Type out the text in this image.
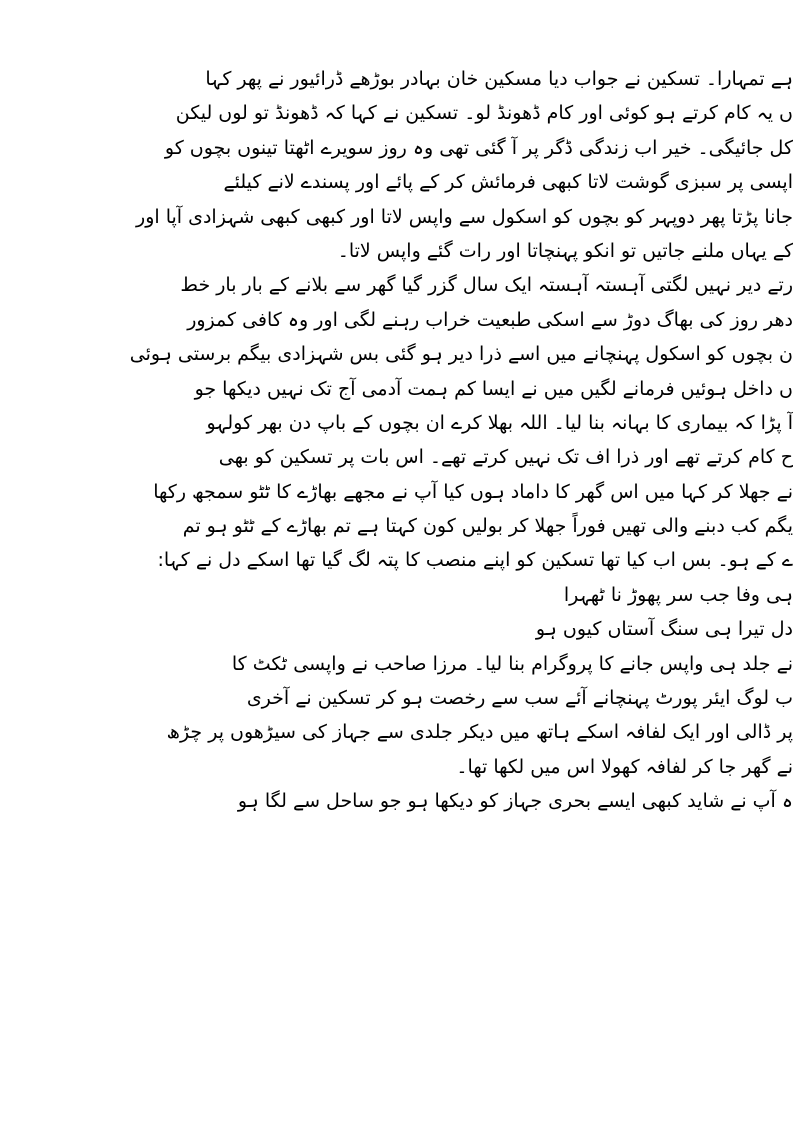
ہے تمہارا۔ تسکین نے جواب دیا مسکین خان بہادر بوڑھے ڈرائیور نے پھر کہا
ں یہ کام کرتے ہو کوئی اور کام ڈھونڈ لو۔ تسکین نے کہا کہ ڈھونڈ تو لوں لیکن
کل جائیگی۔ خیر اب زندگی ڈگر پر آ گئی تھی وہ روز سویرے اٹھتا تینوں بچوں کو
اپسی پر سبزی گوشت لاتا کبھی فرمائش کر کے پائے اور پسندے لانے کیلئے
جانا پڑتا پھر دوپہر کو بچوں کو اسکول سے واپس لاتا اور کبھی کبھی شہزادی آپا اور
کے یہاں ملنے جاتیں تو انکو پہنچاتا اور رات گئے واپس لاتا۔
رتے دیر نہیں لگتی آہستہ آہستہ ایک سال گزر گیا گھر سے بلانے کے بار بار خط
دھر روز کی بھاگ دوڑ سے اسکی طبعیت خراب رہنے لگی اور وہ کافی کمزور
ن بچوں کو اسکول پہنچانے میں اسے ذرا دیر ہو گئی بس شہزادی بیگم برستی ہوئی
ں داخل ہوئیں فرمانے لگیں میں نے ایسا کم ہمت آدمی آج تک نہیں دیکھا جو
آ پڑا کہ بیماری کا بہانہ بنا لیا۔ اللہ بھلا کرے ان بچوں کے باپ دن بھر کولہو
ح کام کرتے تھے اور ذرا اف تک نہیں کرتے تھے۔ اس بات پر تسکین کو بھی
نے جھلا کر کہا میں اس گھر کا داماد ہوں کیا آپ نے مجھے بھاڑے کا ٹٹو سمجھ رکھا
یگم کب دبنے والی تھیں فوراً جھلا کر بولیں کون کہتا ہے تم بھاڑے کے ٹٹو ہو تم
ے کے ہو۔ بس اب کیا تھا تسکین کو اپنے منصب کا پتہ لگ گیا تھا اسکے دل نے کہا:
ہی وفا جب سر پھوڑ نا ٹھہرا
دل تیرا ہی سنگ آستاں کیوں ہو
نے جلد ہی واپس جانے کا پروگرام بنا لیا۔ مرزا صاحب نے واپسی ٹکٹ کا
ب لوگ ایئر پورٹ پہنچانے آئے سب سے رخصت ہو کر تسکین نے آخری
پر ڈالی اور ایک لفافہ اسکے ہاتھ میں دیکر جلدی سے جہاز کی سیڑھوں پر چڑھ
نے گھر جا کر لفافہ کھولا اس میں لکھا تھا۔
ہ آپ نے شاید کبھی ایسے بحری جہاز کو دیکھا ہو جو ساحل سے لگا ہو
